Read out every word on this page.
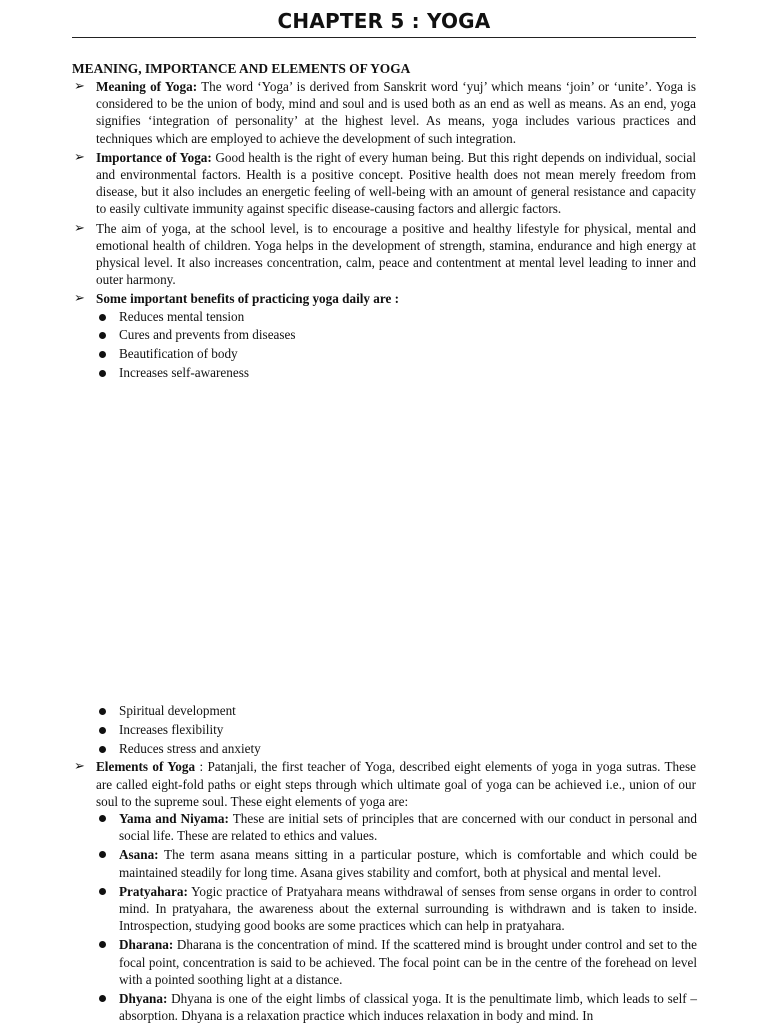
CHAPTER 5 : YOGA
MEANING, IMPORTANCE AND ELEMENTS OF YOGA
➢ Meaning of Yoga: The word ‘Yoga’ is derived from Sanskrit word ‘yuj’ which means ‘join’ or ‘unite’. Yoga is considered to be the union of body, mind and soul and is used both as an end as well as means. As an end, yoga signifies ‘integration of personality’ at the highest level. As means, yoga includes various practices and techniques which are employed to achieve the development of such integration.
➢ Importance of Yoga: Good health is the right of every human being. But this right depends on individual, social and environmental factors. Health is a positive concept. Positive health does not mean merely freedom from disease, but it also includes an energetic feeling of well-being with an amount of general resistance and capacity to easily cultivate immunity against specific disease-causing factors and allergic factors.
➢ The aim of yoga, at the school level, is to encourage a positive and healthy lifestyle for physical, mental and emotional health of children. Yoga helps in the development of strength, stamina, endurance and high energy at physical level. It also increases concentration, calm, peace and contentment at mental level leading to inner and outer harmony.
➢ Some important benefits of practicing yoga daily are :
Reduces mental tension
Cures and prevents from diseases
Beautification of body
Increases self-awareness
Spiritual development
Increases flexibility
Reduces stress and anxiety
➢ Elements of Yoga : Patanjali, the first teacher of Yoga, described eight elements of yoga in yoga sutras. These are called eight-fold paths or eight steps through which ultimate goal of yoga can be achieved i.e., union of our soul to the supreme soul. These eight elements of yoga are:
Yama and Niyama: These are initial sets of principles that are concerned with our conduct in personal and social life. These are related to ethics and values.
Asana: The term asana means sitting in a particular posture, which is comfortable and which could be maintained steadily for long time. Asana gives stability and comfort, both at physical and mental level.
Pratyahara: Yogic practice of Pratyahara means withdrawal of senses from sense organs in order to control mind. In pratyahara, the awareness about the external surrounding is withdrawn and is taken to inside. Introspection, studying good books are some practices which can help in pratyahara.
Dharana: Dharana is the concentration of mind. If the scattered mind is brought under control and set to the focal point, concentration is said to be achieved. The focal point can be in the centre of the forehead on level with a pointed soothing light at a distance.
Dhyana: Dhyana is one of the eight limbs of classical yoga. It is the penultimate limb, which leads to self – absorption. Dhyana is a relaxation practice which induces relaxation in body and mind. In
